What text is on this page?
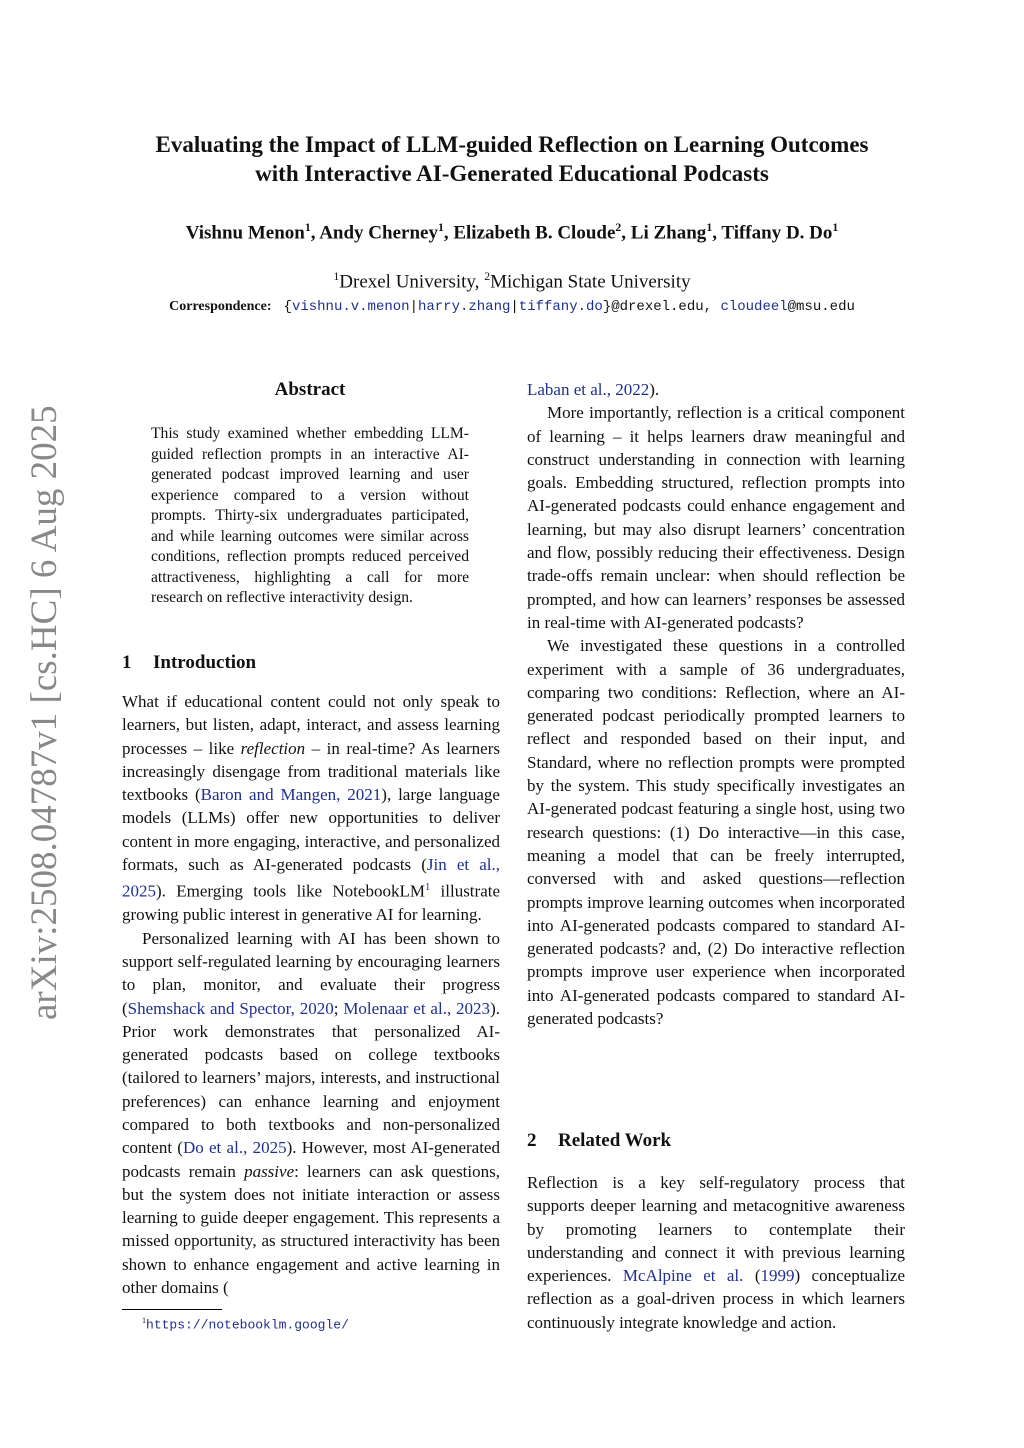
arXiv:2508.04787v1 [cs.HC] 6 Aug 2025
Evaluating the Impact of LLM-guided Reflection on Learning Outcomes
with Interactive AI-Generated Educational Podcasts
Vishnu Menon$^1$, Andy Cherney$^1$, Elizabeth B. Cloude$^2$, Li Zhang$^1$, Tiffany D. Do$^1$
$^1$Drexel University, $^2$Michigan State University
Correspondence: {vishnu.v.menon|harry.zhang|tiffany.do}@drexel.edu, cloudeel@msu.edu
Abstract
This study examined whether embedding LLM-guided reflection prompts in an interactive AI-generated podcast improved learning and user experience compared to a version without prompts. Thirty-six undergraduates participated, and while learning outcomes were similar across conditions, reflection prompts reduced perceived attractiveness, highlighting a call for more research on reflective interactivity design.
1 Introduction

What if educational content could not only speak to learners, but listen, adapt, interact, and assess learning processes – like reflection – in real-time? As learners increasingly disengage from traditional materials like textbooks (Baron and Mangen, 2021), large language models (LLMs) offer new opportunities to deliver content in more engaging, interactive, and personalized formats, such as AI-generated podcasts (Jin et al., 2025). Emerging tools like NotebookLM$^1$ illustrate growing public interest in generative AI for learning.

Personalized learning with AI has been shown to support self-regulated learning by encouraging learners to plan, monitor, and evaluate their progress (Shemshack and Spector, 2020; Molenaar et al., 2023). Prior work demonstrates that personalized AI-generated podcasts based on college textbooks (tailored to learners’ majors, interests, and instructional preferences) can enhance learning and enjoyment compared to both textbooks and non-personalized content (Do et al., 2025). However, most AI-generated podcasts remain passive: learners can ask questions, but the system does not initiate interaction or assess learning to guide deeper engagement. This represents a missed opportunity, as structured interactivity has been shown to enhance engagement and active learning in other domains (

Laban et al., 2022).

More importantly, reflection is a critical component of learning – it helps learners draw meaningful and construct understanding in connection with learning goals. Embedding structured, reflection prompts into AI-generated podcasts could enhance engagement and learning, but may also disrupt learners’ concentration and flow, possibly reducing their effectiveness. Design trade-offs remain unclear: when should reflection be prompted, and how can learners’ responses be assessed in real-time with AI-generated podcasts?

We investigated these questions in a controlled experiment with a sample of 36 undergraduates, comparing two conditions: Reflection, where an AI-generated podcast periodically prompted learners to reflect and responded based on their input, and Standard, where no reflection prompts were prompted by the system. This study specifically investigates an AI-generated podcast featuring a single host, using two research questions: (1) Do interactive—in this case, meaning a model that can be freely interrupted, conversed with and asked questions—reflection prompts improve learning outcomes when incorporated into AI-generated podcasts compared to standard AI-generated podcasts? and, (2) Do interactive reflection prompts improve user experience when incorporated into AI-generated podcasts compared to standard AI-generated podcasts?

2 Related Work

Reflection is a key self-regulatory process that supports deeper learning and metacognitive awareness by promoting learners to contemplate their understanding and connect it with previous learning experiences. McAlpine et al. (1999) conceptualize reflection as a goal-driven process in which learners continuously integrate knowledge and action.

$^1$https://notebooklm.google/
